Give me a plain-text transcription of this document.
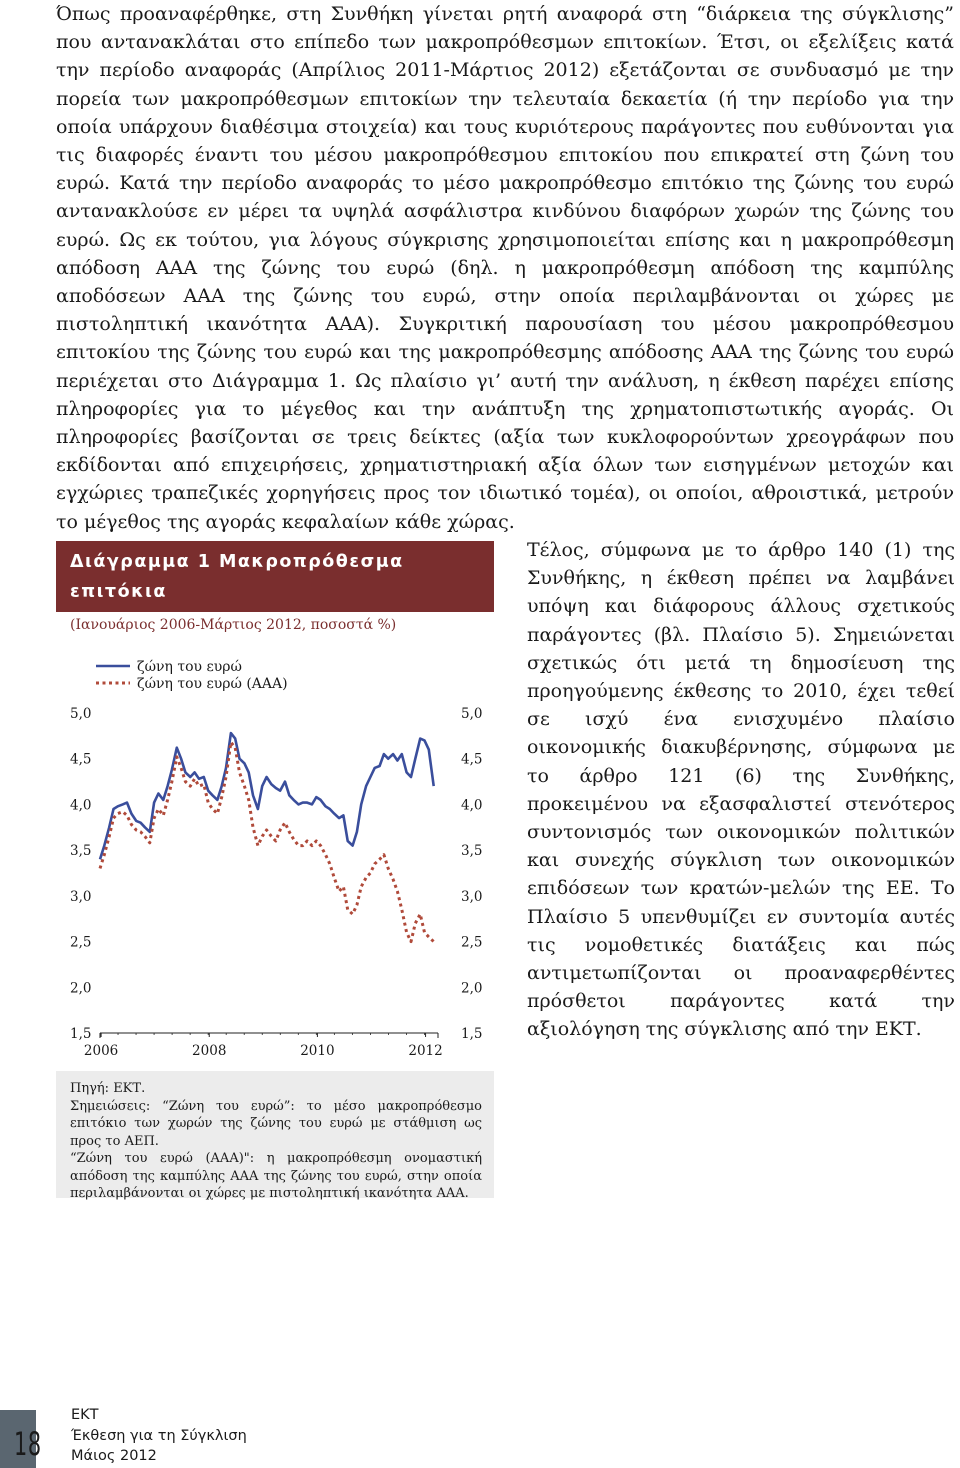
Όπως προαναφέρθηκε, στη Συνθήκη γίνεται ρητή αναφορά στη “διάρκεια της σύγκλισης” που αντανακλάται στο επίπεδο των μακροπρόθεσμων επιτοκίων. Έτσι, οι εξελίξεις κατά την περίοδο αναφοράς (Απρίλιος 2011-Μάρτιος 2012) εξετάζονται σε συνδυασμό με την πορεία των μακροπρόθεσμων επιτοκίων την τελευταία δεκαετία (ή την περίοδο για την οποία υπάρχουν διαθέσιμα στοιχεία) και τους κυριότερους παράγοντες που ευθύνονται για τις διαφορές έναντι του μέσου μακροπρόθεσμου επιτοκίου που επικρατεί στη ζώνη του ευρώ. Κατά την περίοδο αναφοράς το μέσο μακροπρόθεσμο επιτόκιο της ζώνης του ευρώ αντανακλούσε εν μέρει τα υψηλά ασφάλιστρα κινδύνου διαφόρων χωρών της ζώνης του ευρώ. Ως εκ τούτου, για λόγους σύγκρισης χρησιμοποιείται επίσης και η μακροπρόθεσμη απόδοση AAA της ζώνης του ευρώ (δηλ. η μακροπρόθεσμη απόδοση της καμπύλης αποδόσεων AAA της ζώνης του ευρώ, στην οποία περιλαμβάνονται οι χώρες με πιστοληπτική ικανότητα AAA). Συγκριτική παρουσίαση του μέσου μακροπρόθεσμου επιτοκίου της ζώνης του ευρώ και της μακροπρόθεσμης απόδοσης AAA της ζώνης του ευρώ περιέχεται στο Διάγραμμα 1. Ως πλαίσιο γι’ αυτή την ανάλυση, η έκθεση παρέχει επίσης πληροφορίες για το μέγεθος και την ανάπτυξη της χρηματοπιστωτικής αγοράς. Οι πληροφορίες βασίζονται σε τρεις δείκτες (αξία των κυκλοφορούντων χρεογράφων που εκδίδονται από επιχειρήσεις, χρηματιστηριακή αξία όλων των εισηγμένων μετοχών και εγχώριες τραπεζικές χορηγήσεις προς τον ιδιωτικό τομέα), οι οποίοι, αθροιστικά, μετρούν το μέγεθος της αγοράς κεφαλαίων κάθε χώρας.

Διάγραμμα 1 Μακροπρόθεσμα επιτόκια
(Ιανουάριος 2006-Μάρτιος 2012, ποσοστά %)
1,5	1,5
2,0	2,0
2,5	2,5
3,0	3,0
3,5	3,5
4,0	4,0
4,5	4,5
5,0	5,0
2006	2008	2010	2012
ζώνη του ευρώ
ζώνη του ευρώ (ΑΑΑ)

Πηγή: ΕΚΤ.

Σημειώσεις: “Ζώνη του ευρώ”: το μέσο μακροπρόθεσμο επιτόκιο των χωρών της ζώνης του ευρώ με στάθμιση ως προς το ΑΕΠ.

“Ζώνη του ευρώ (ΑΑΑ)": η μακροπρόθεσμη ονομαστική απόδοση της καμπύλης ΑΑΑ της ζώνης του ευρώ, στην οποία περιλαμβάνονται οι χώρες με πιστοληπτική ικανότητα ΑΑΑ.

Τέλος, σύμφωνα με το άρθρο 140 (1) της Συνθήκης, η έκθεση πρέπει να λαμβάνει υπόψη και διάφορους άλλους σχετικούς παράγοντες (βλ. Πλαίσιο 5). Σημειώνεται σχετικώς ότι μετά τη δημοσίευση της προηγούμενης έκθεσης το 2010, έχει τεθεί σε ισχύ ένα ενισχυμένο πλαίσιο οικονομικής διακυβέρνησης, σύμφωνα με το άρθρο 121 (6) της Συνθήκης, προκειμένου να εξασφαλιστεί στενότερος συντονισμός των οικονομικών πολιτικών και συνεχής σύγκλιση των οικονομικών επιδόσεων των κρατών-μελών της ΕΕ. Το Πλαίσιο 5 υπενθυμίζει εν συντομία αυτές τις νομοθετικές διατάξεις και πώς αντιμετωπίζονται οι προαναφερθέντες πρόσθετοι παράγοντες κατά την αξιολόγηση της σύγκλισης από την ΕΚΤ.

18
ΕΚΤ
Έκθεση για τη Σύγκλιση
Μάιος 2012
